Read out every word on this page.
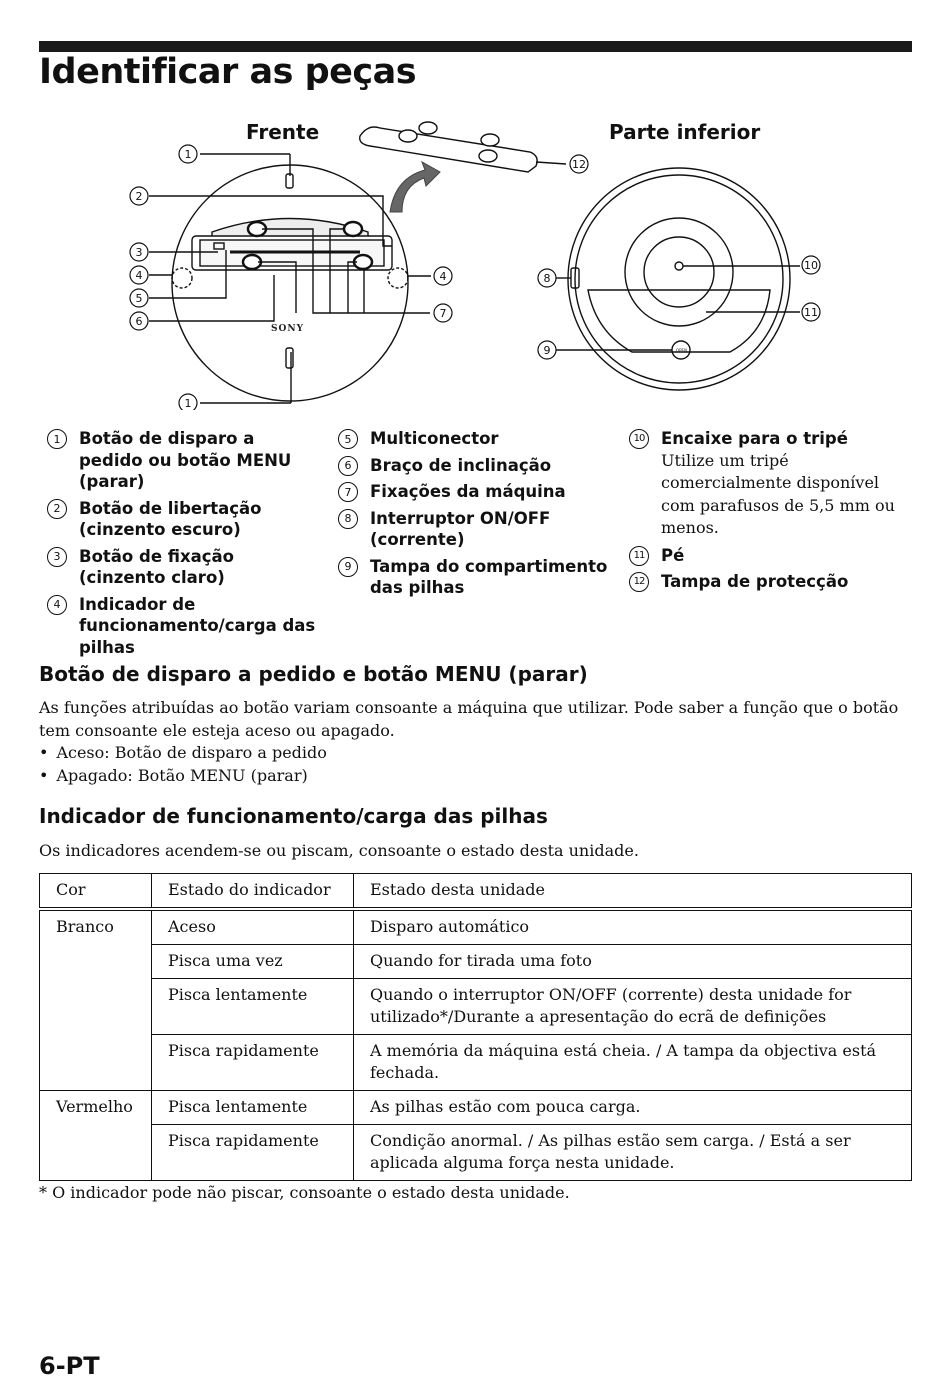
Identificar as peças
Frente	Parte inferior
SONY
OPEN
1
2
3
4
5
6
1
4
7
8
9
10
11
12
1	Botão de disparo a pedido ou botão MENU (parar)
2	Botão de libertação (cinzento escuro)
3	Botão de fixação (cinzento claro)
4	Indicador de funcionamento/carga das pilhas
5	Multiconector
6	Braço de inclinação
7	Fixações da máquina
8	Interruptor ON/OFF (corrente)
9	Tampa do compartimento das pilhas
10 Encaixe para o tripé
Utilize um tripé comercialmente disponível com parafusos de 5,5 mm ou menos.
11 Pé
12 Tampa de protecção
Botão de disparo a pedido e botão MENU (parar)

As funções atribuídas ao botão variam consoante a máquina que utilizar. Pode saber a função que o botão tem consoante ele esteja aceso ou apagado.

• Aceso: Botão de disparo a pedido
• Apagado: Botão MENU (parar)
Indicador de funcionamento/carga das pilhas

Os indicadores acendem-se ou piscam, consoante o estado desta unidade.

Cor	Estado do indicador	Estado desta unidade
Branco	Aceso	Disparo automático
	Pisca uma vez	Quando for tirada uma foto
	Pisca lentamente	Quando o interruptor ON/OFF (corrente) desta unidade for utilizado*/Durante a apresentação do ecrã de definições
	Pisca rapidamente	A memória da máquina está cheia. / A tampa da objectiva está fechada.
Vermelho	Pisca lentamente	As pilhas estão com pouca carga.
	Pisca rapidamente	Condição anormal. / As pilhas estão sem carga. / Está a ser aplicada alguma força nesta unidade.

* O indicador pode não piscar, consoante o estado desta unidade.

6-PT
